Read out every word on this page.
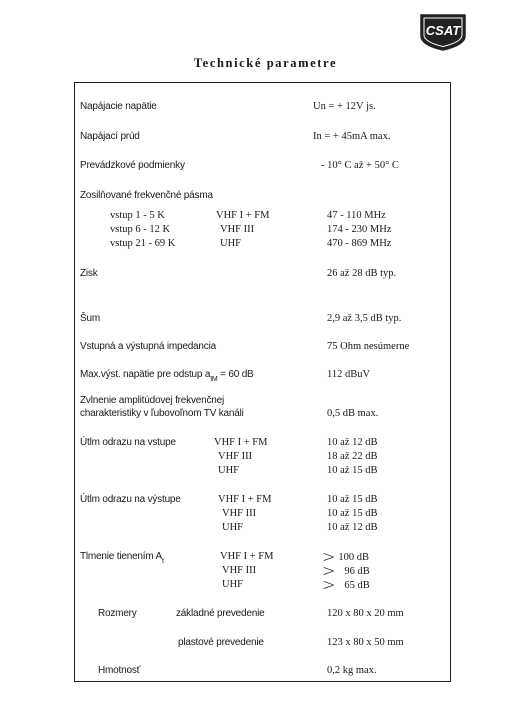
CSAT
Technické parametre
Napájacie napätie	Un = + 12V js.
Napájací prúd	In = + 45mA max.
Prevádzkové podmienky	- 10° C až + 50° C
Zosilňované frekvenčné pásma
vstup 1 - 5 K	VHF I + FM	47 - 110 MHz
vstup 6 - 12 K	VHF III	174 - 230 MHz
vstup 21 - 69 K	UHF	470 - 869 MHz
Zisk	26 až 28 dB typ.
Šum	2,9 až 3,5 dB typ.
Vstupná a výstupná impedancia	75 Ohm nesúmerne
Max.výst. napätie pre odstup $a_{IM} = 60$ dB	112 dBuV
Zvlnenie amplitúdovej frekvenčnej
charakteristiky v ľubovoľnom TV kanáli	0,5 dB max.
Útlm odrazu na vstupe	VHF I + FM	10 až 12 dB
VHF III	18 až 22 dB
UHF	10 až 15 dB
Útlm odrazu na výstupe	VHF I + FM	10 až 15 dB
VHF III	10 až 15 dB
UHF	10 až 12 dB
Tlmenie tienením $A_t$	VHF I + FM	> 100 dB
VHF III	> 96 dB
UHF	> 65 dB
Rozmery	základné prevedenie	120 x 80 x 20 mm
plastové prevedenie	123 x 80 x 50 mm
Hmotnosť	0,2 kg max.
